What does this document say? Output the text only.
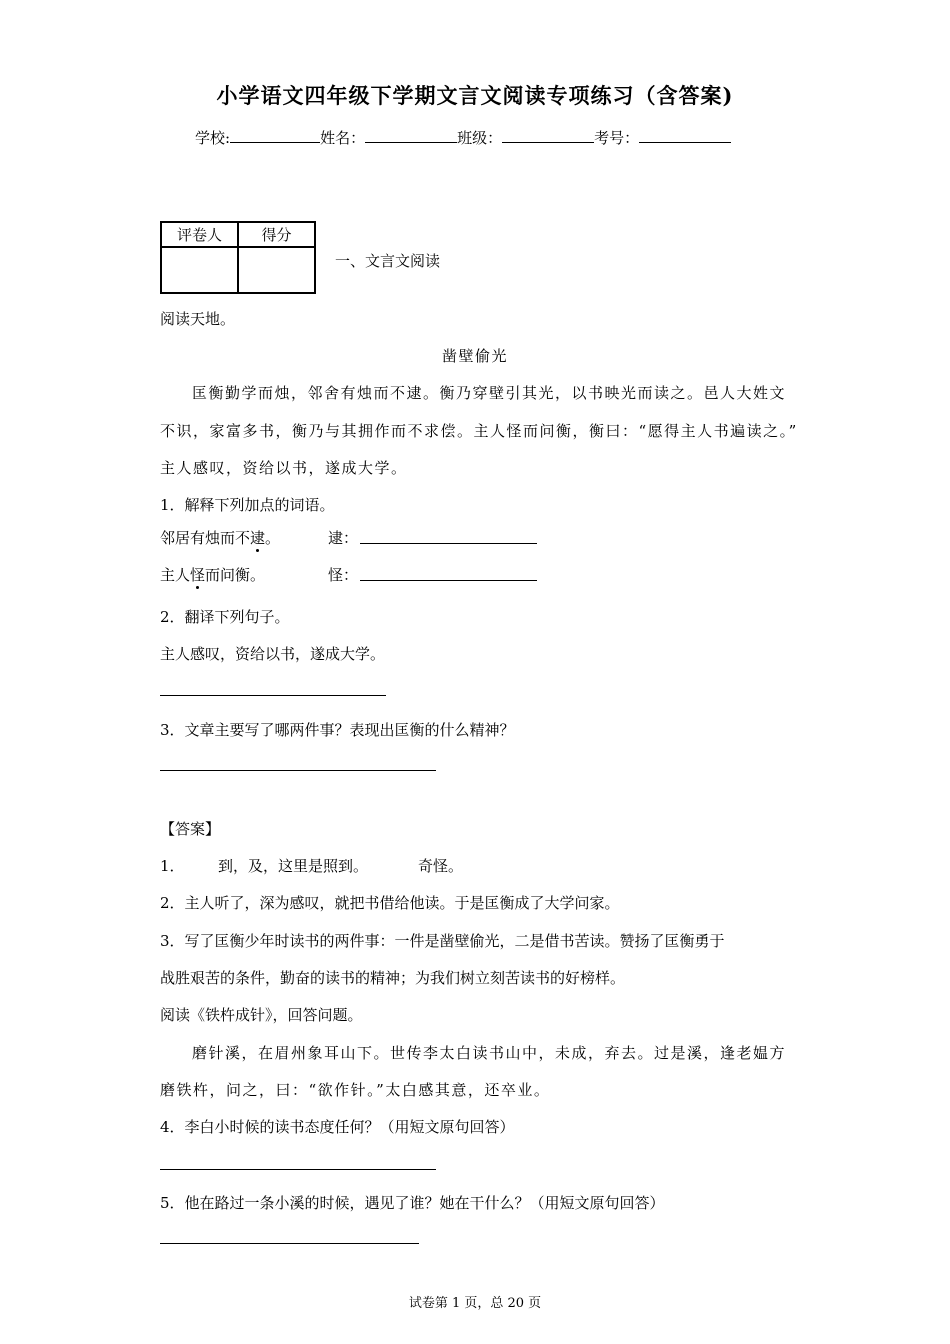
小学语文四年级下学期文言文阅读专项练习（含答案)
学校:	姓名：	班级：	考号：
评卷人	得分

一、文言文阅读
阅读天地。
凿壁偷光
匡衡勤学而烛，邻舍有烛而不逮。衡乃穿壁引其光，以书映光而读之。邑人大姓文
不识，家富多书，衡乃与其拥作而不求偿。主人怪而问衡，衡曰：“愿得主人书遍读之。”
主人感叹，资给以书，遂成大学。
1．解释下列加点的词语。
邻居有烛而不逮。	逮：
主人怪而问衡。	怪：
2．翻译下列句子。
主人感叹，资给以书，遂成大学。
3．文章主要写了哪两件事？表现出匡衡的什么精神？
【答案】
1． 到，及，这里是照到。	奇怪。
2．主人听了，深为感叹，就把书借给他读。于是匡衡成了大学问家。
3．写了匡衡少年时读书的两件事：一件是凿壁偷光，二是借书苦读。赞扬了匡衡勇于
战胜艰苦的条件，勤奋的读书的精神；为我们树立刻苦读书的好榜样。
阅读《铁杵成针》，回答问题。
磨针溪，在眉州象耳山下。世传李太白读书山中，未成，弃去。过是溪，逢老媪方
磨铁杵，问之，曰：“欲作针。”太白感其意，还卒业。
4．李白小时候的读书态度任何？（用短文原句回答）
5．他在路过一条小溪的时候，遇见了谁？她在干什么？（用短文原句回答）
试卷第 1 页，总 20 页
